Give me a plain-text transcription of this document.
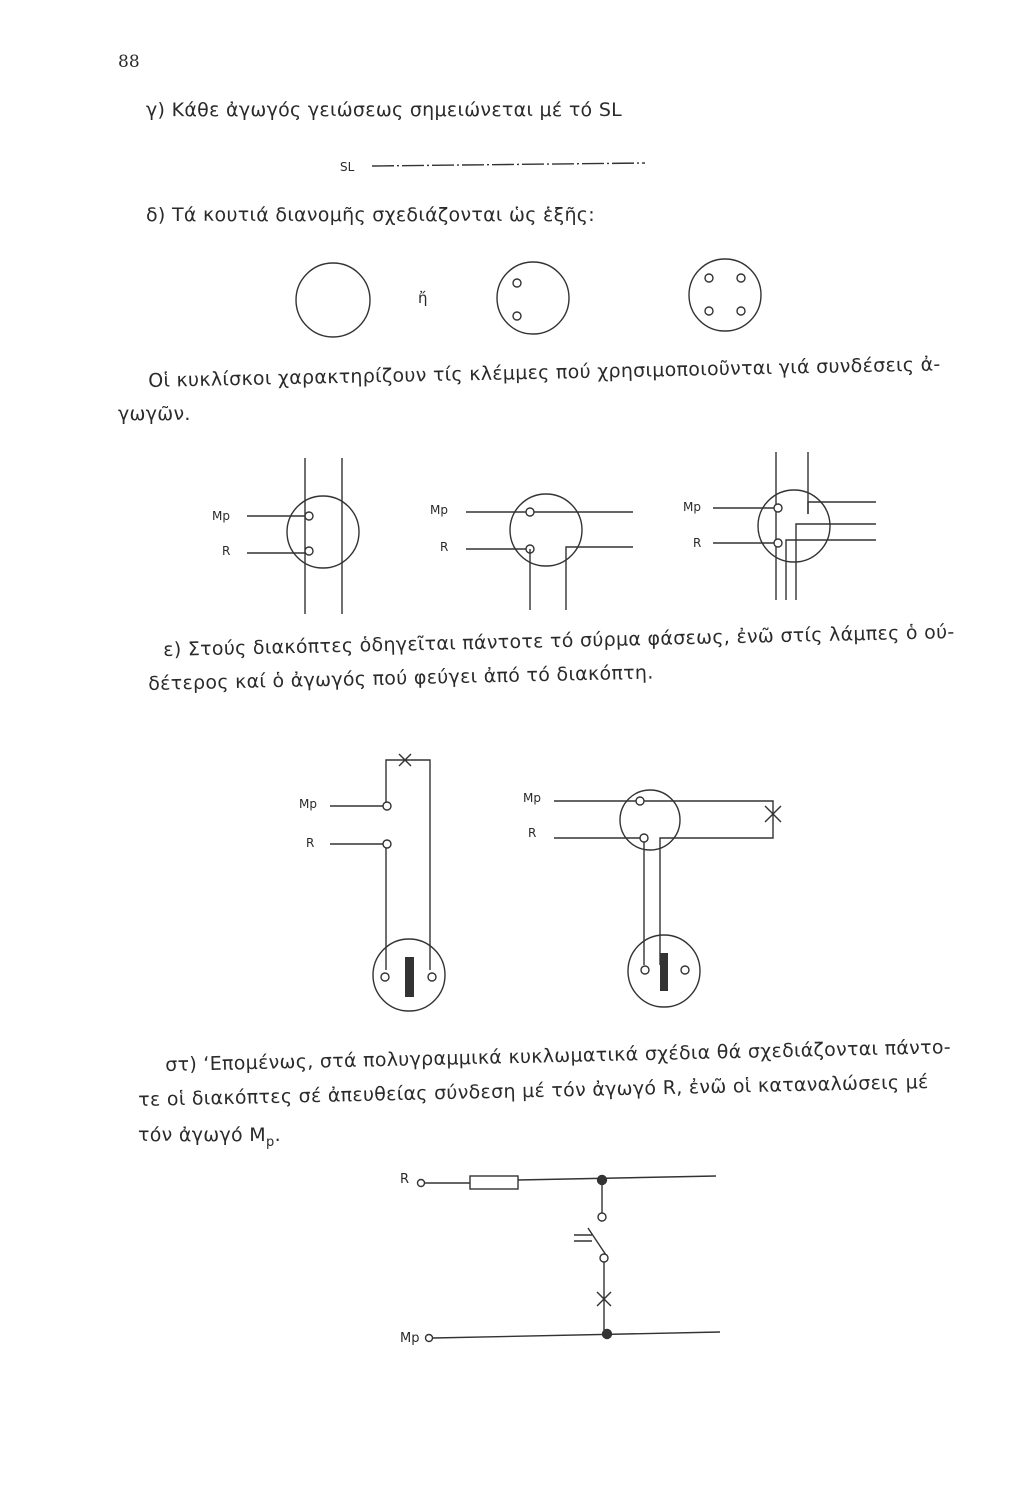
88
γ) Κάθε ἀγωγός γειώσεως σημειώνεται μέ τό SL
SL
δ) Τά κουτιά διανομῆς σχεδιάζονται ὡς ἑξῆς:
ἤ
Οἱ κυκλίσκοι χαρακτηρίζουν τίς κλέμμες πού χρησιμοποιοῦνται γιά συνδέσεις ἀ-
γωγῶν.
Mp
R
Mp
R
Mp
R
ε) Στούς διακόπτες ὁδηγεῖται πάντοτε τό σύρμα φάσεως, ἐνῶ στίς λάμπες ὁ ού-
δέτερος καί ὁ ἀγωγός πού φεύγει ἀπό τό διακόπτη.
Mp
R
Mp
R
στ) ‘Επομένως, στά πολυγραμμικά κυκλωματικά σχέδια θά σχεδιάζονται πάντο-
τε οἱ διακόπτες σέ ἀπευθείας σύνδεση μέ τόν ἀγωγό R, ἐνῶ οἱ καταναλώσεις μέ
τόν ἀγωγό $M_p$.
R
Mp
